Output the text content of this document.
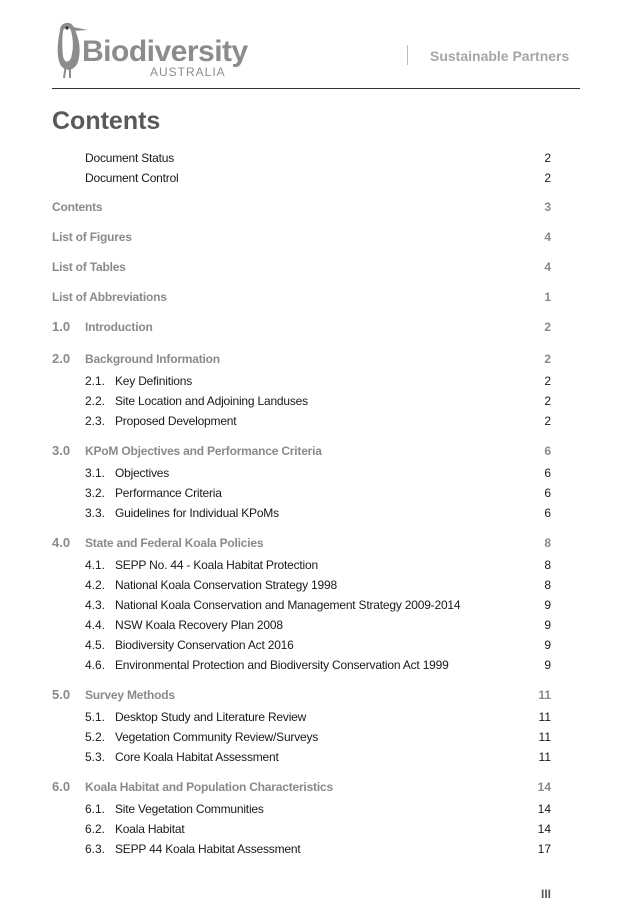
Biodiversity
AUSTRALIA
Sustainable Partners
Contents
Document Status	2
Document Control	2
Contents	3
List of Figures	4
List of Tables	4
List of Abbreviations	1
1.0 Introduction	2
2.0 Background Information	2
2.1. Key Definitions	2
2.2. Site Location and Adjoining Landuses	2
2.3. Proposed Development	2
3.0 KPoM Objectives and Performance Criteria	6
3.1. Objectives	6
3.2. Performance Criteria	6
3.3. Guidelines for Individual KPoMs	6
4.0 State and Federal Koala Policies	8
4.1. SEPP No. 44 - Koala Habitat Protection	8
4.2. National Koala Conservation Strategy 1998	8
4.3. National Koala Conservation and Management Strategy 2009-2014	9
4.4. NSW Koala Recovery Plan 2008	9
4.5. Biodiversity Conservation Act 2016	9
4.6. Environmental Protection and Biodiversity Conservation Act 1999	9
5.0 Survey Methods	11
5.1. Desktop Study and Literature Review	11
5.2. Vegetation Community Review/Surveys	11
5.3. Core Koala Habitat Assessment	11
6.0 Koala Habitat and Population Characteristics	14
6.1. Site Vegetation Communities	14
6.2. Koala Habitat	14
6.3. SEPP 44 Koala Habitat Assessment	17
III
